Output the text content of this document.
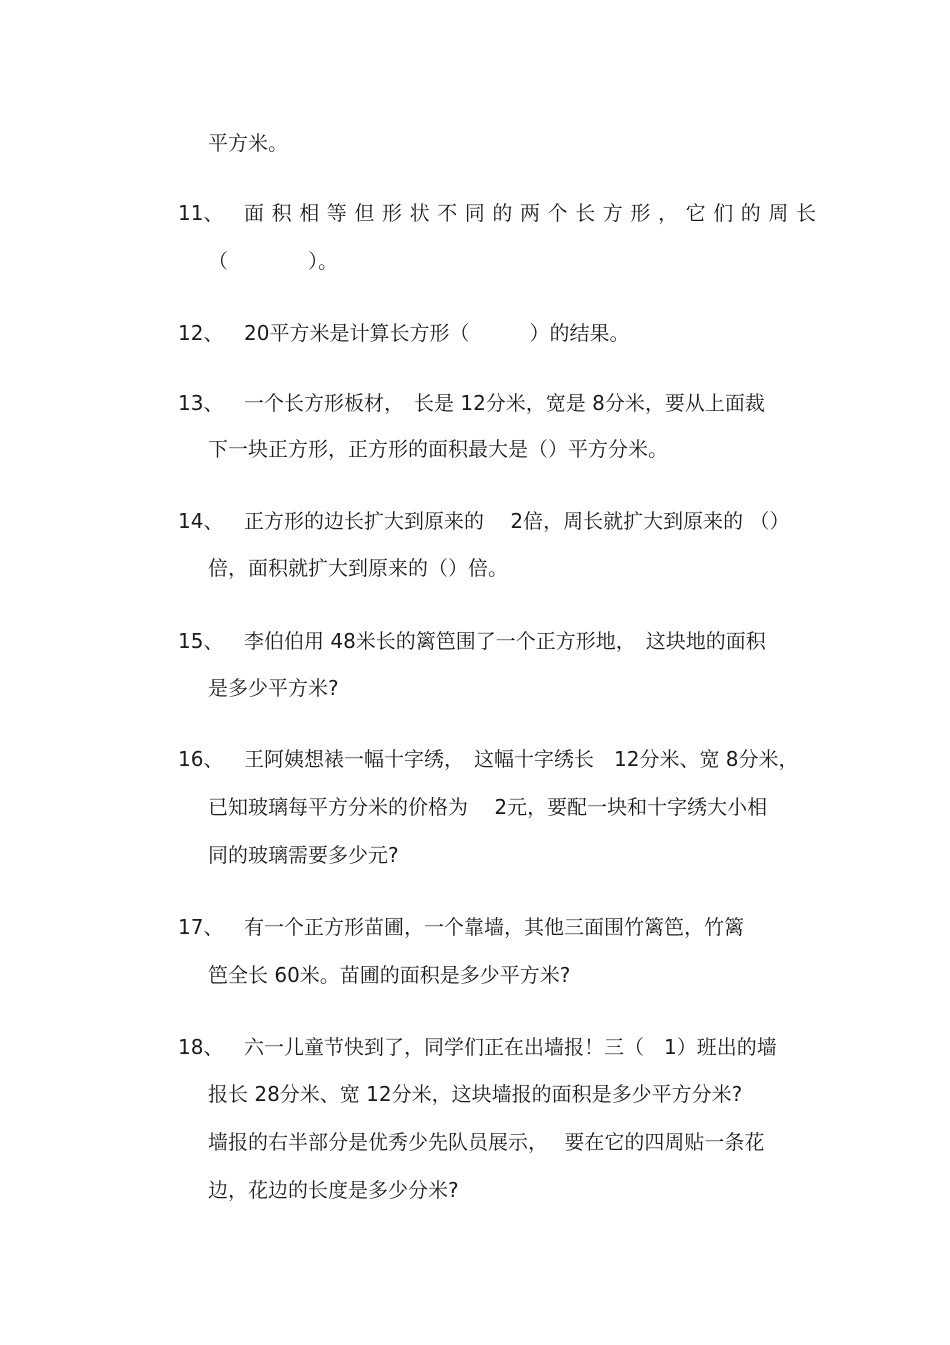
平方米。
11、 面积相等但形状不同的两个长方形，它们的周长
（　　　　）。
12、 20平方米是计算长方形（　　　）的结果。
13、 一个长方形板材，　长是 12分米，宽是 8分米，要从上面裁
下一块正方形，正方形的面积最大是（）平方分米。
14、 正方形的边长扩大到原来的　 2倍，周长就扩大到原来的 （）
倍，面积就扩大到原来的（）倍。
15、 李伯伯用 48米长的篱笆围了一个正方形地，　这块地的面积
是多少平方米?
16、 王阿姨想裱一幅十字绣，　这幅十字绣长　12分米、宽 8分米，
已知玻璃每平方分米的价格为　 2元，要配一块和十字绣大小相
同的玻璃需要多少元?
17、 有一个正方形苗圃，一个靠墙，其他三面围竹篱笆，竹篱
笆全长 60米。苗圃的面积是多少平方米?
18、 六一儿童节快到了，同学们正在出墙报！三（　1）班出的墙
报长 28分米、宽 12分米，这块墙报的面积是多少平方分米?
墙报的右半部分是优秀少先队员展示，　 要在它的四周贴一条花
边，花边的长度是多少分米?
